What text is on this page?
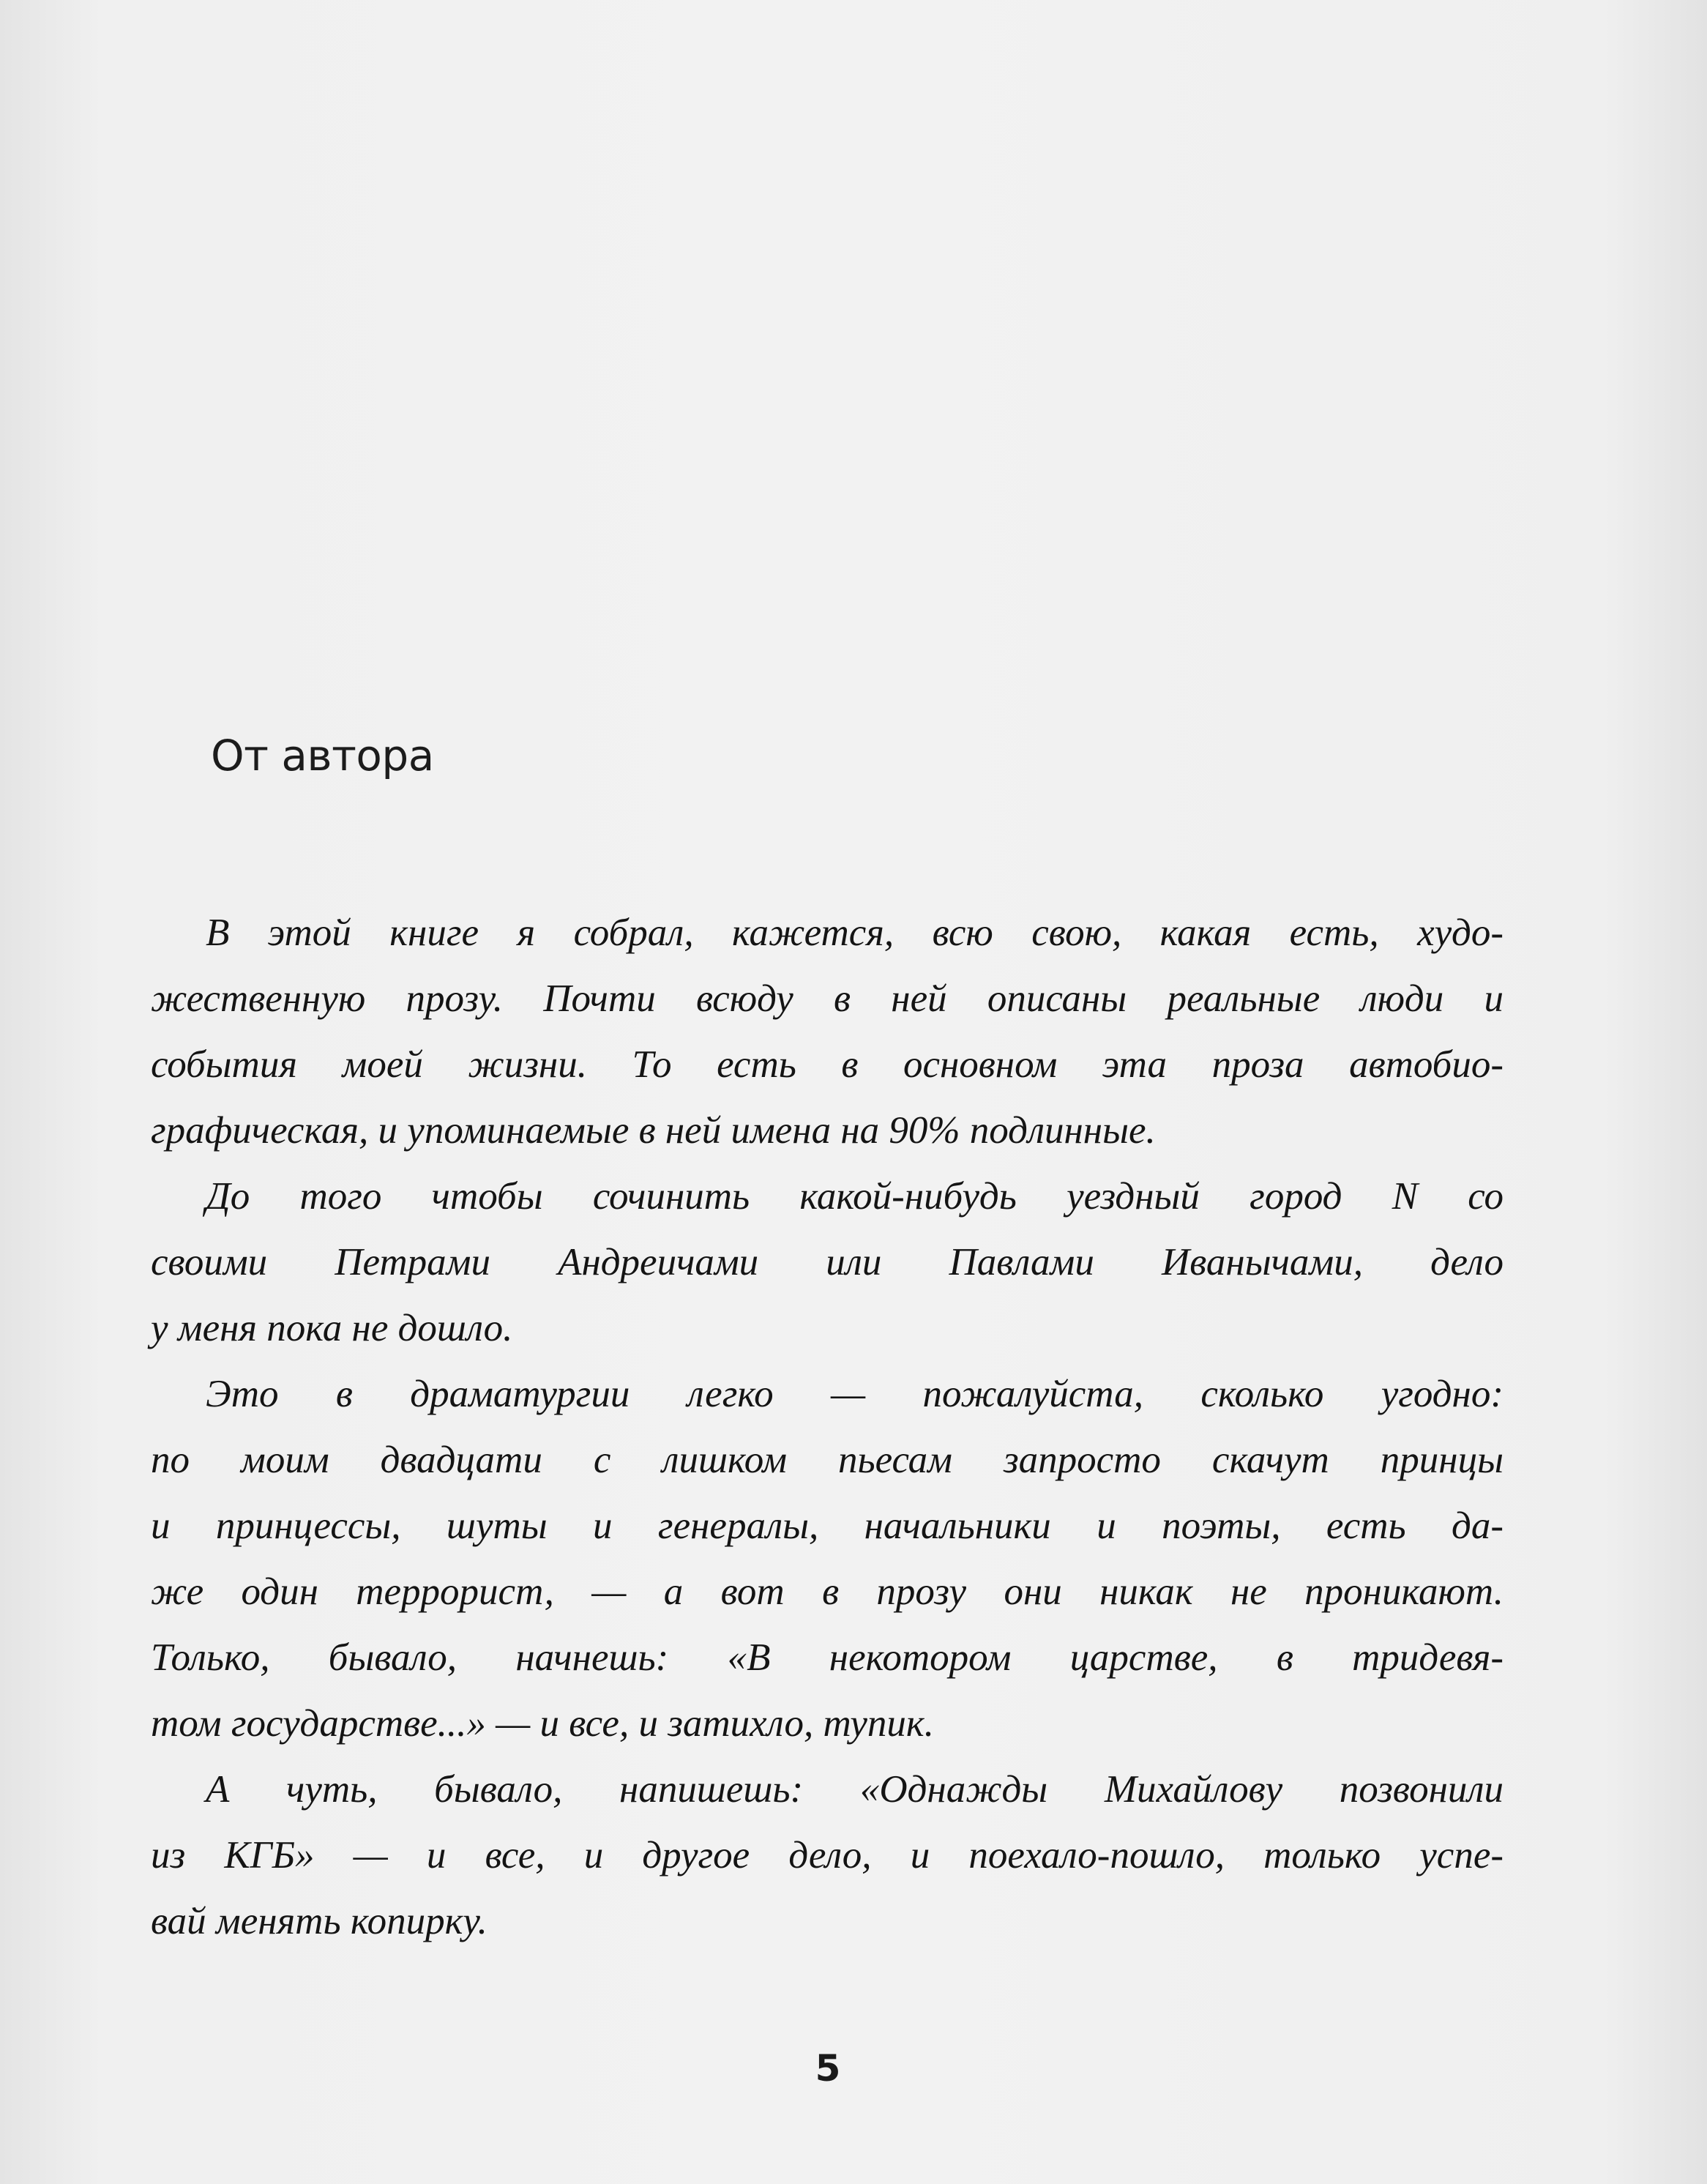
От автора
В этой книге я собрал, кажется, всю свою, какая есть, худо-
жественную прозу. Почти всюду в ней описаны реальные люди и
события моей жизни. То есть в основном эта проза автобио-
графическая, и упоминаемые в ней имена на 90% подлинные.
До того чтобы сочинить какой-нибудь уездный город N со
своими Петрами Андреичами или Павлами Иванычами, дело
у меня пока не дошло.
Это в драматургии легко — пожалуйста, сколько угодно:
по моим двадцати с лишком пьесам запросто скачут принцы
и принцессы, шуты и генералы, начальники и поэты, есть да-
же один террорист, — а вот в прозу они никак не проникают.
Только, бывало, начнешь: «В некотором царстве, в тридевя-
том государстве...» — и все, и затихло, тупик.
А чуть, бывало, напишешь: «Однажды Михайлову позвонили
из КГБ» — и все, и другое дело, и поехало-пошло, только успе-
вай менять копирку.
5
